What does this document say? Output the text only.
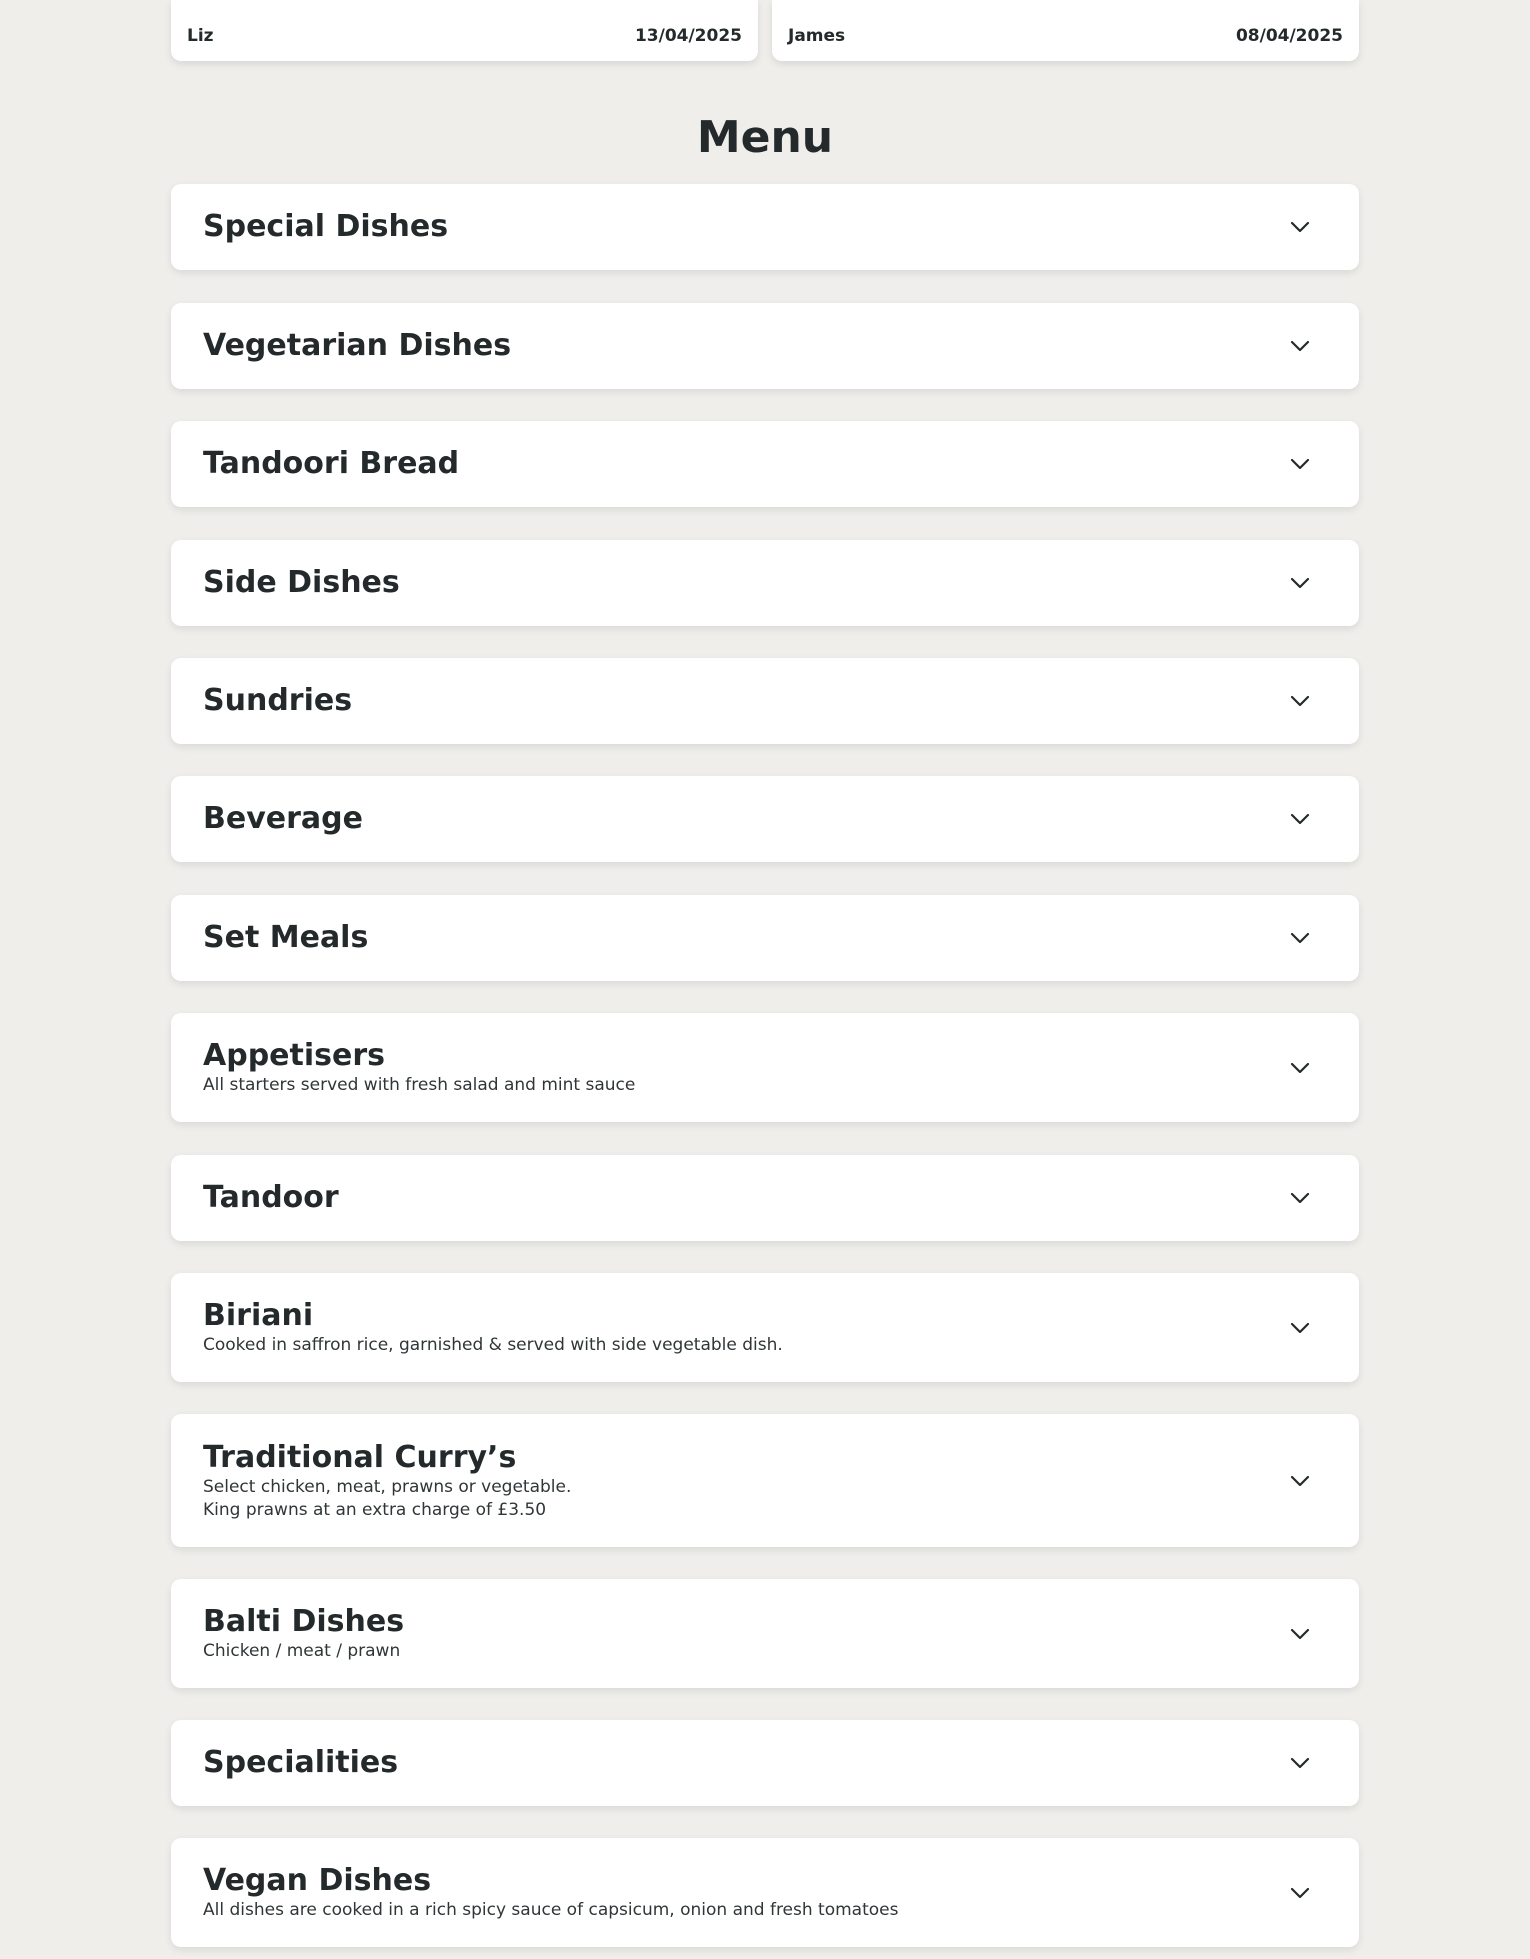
Liz	13/04/2025	James	08/04/2025
Menu
Special Dishes
Vegetarian Dishes
Tandoori Bread
Side Dishes
Sundries
Beverage
Set Meals
Appetisers
All starters served with fresh salad and mint sauce
Tandoor
Biriani
Cooked in saffron rice, garnished & served with side vegetable dish.
Traditional Curry’s
Select chicken, meat, prawns or vegetable.
King prawns at an extra charge of £3.50
Balti Dishes
Chicken / meat / prawn
Specialities
Vegan Dishes
All dishes are cooked in a rich spicy sauce of capsicum, onion and fresh tomatoes
